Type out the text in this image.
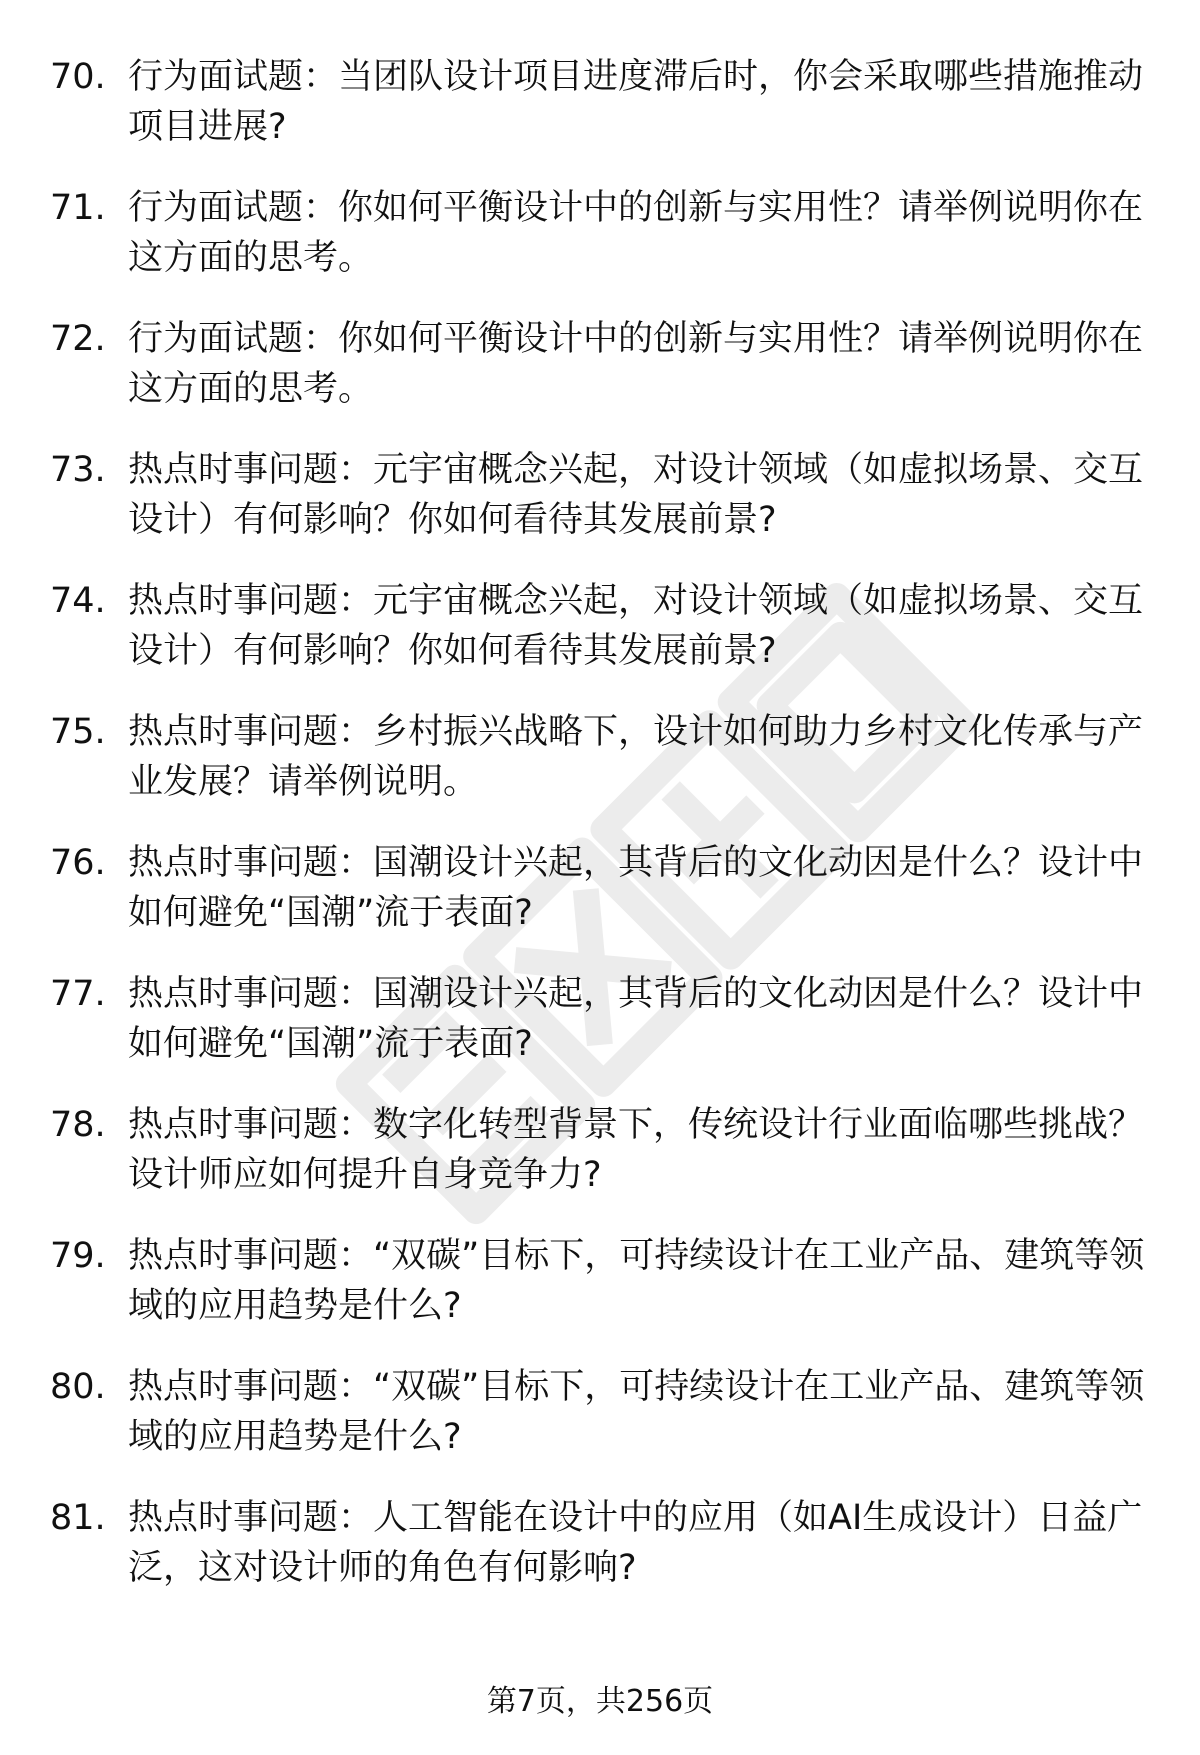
70. 行为面试题：当团队设计项目进度滞后时，你会采取哪些措施推动项目进展?
71. 行为面试题：你如何平衡设计中的创新与实用性？请举例说明你在这方面的思考。
72. 行为面试题：你如何平衡设计中的创新与实用性？请举例说明你在这方面的思考。
73. 热点时事问题：元宇宙概念兴起，对设计领域（如虚拟场景、交互设计）有何影响？你如何看待其发展前景?
74. 热点时事问题：元宇宙概念兴起，对设计领域（如虚拟场景、交互设计）有何影响？你如何看待其发展前景?
75. 热点时事问题：乡村振兴战略下，设计如何助力乡村文化传承与产业发展？请举例说明。
76. 热点时事问题：国潮设计兴起，其背后的文化动因是什么？设计中如何避免“国潮”流于表面?
77. 热点时事问题：国潮设计兴起，其背后的文化动因是什么？设计中如何避免“国潮”流于表面?
78. 热点时事问题：数字化转型背景下，传统设计行业面临哪些挑战？设计师应如何提升自身竞争力?
79. 热点时事问题：“双碳”目标下，可持续设计在工业产品、建筑等领域的应用趋势是什么?
80. 热点时事问题：“双碳”目标下，可持续设计在工业产品、建筑等领域的应用趋势是什么?
81. 热点时事问题：人工智能在设计中的应用（如AI生成设计）日益广泛，这对设计师的角色有何影响?
第7页，共256页
